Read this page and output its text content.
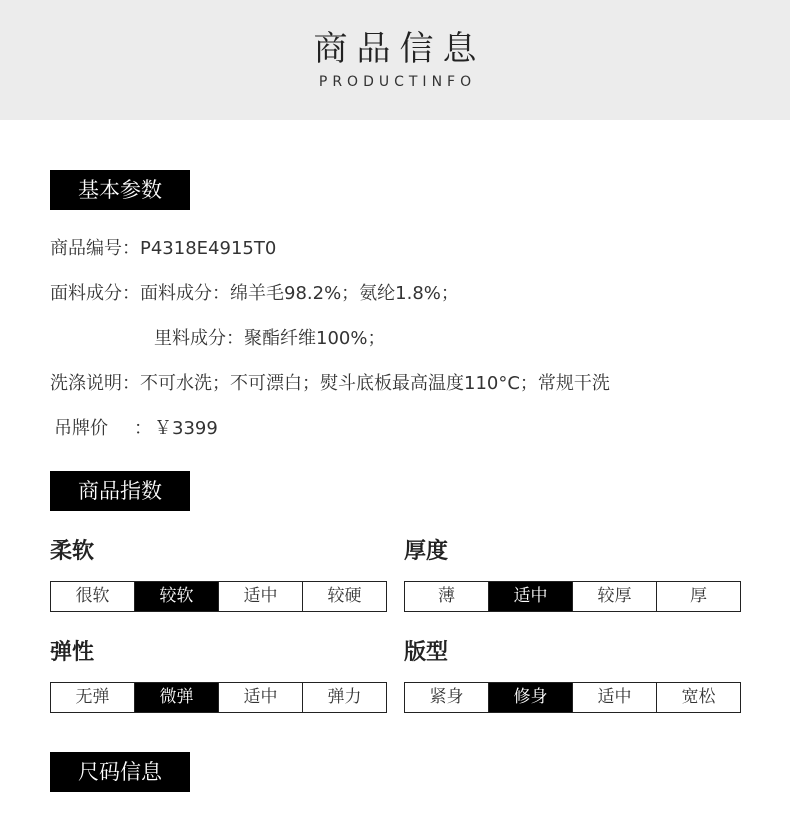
商品信息
PRODUCTINFO
基本参数
商品编号：P4318E4915T0
面料成分：面料成分：绵羊毛98.2%；氨纶1.8%；
里料成分：聚酯纤维100%；
洗涤说明：不可水洗；不可漂白；熨斗底板最高温度110°C；常规干洗
吊牌价 ： ￥3399
商品指数
柔软
很软	较软	适中	较硬
厚度
薄	适中	较厚	厚
弹性
无弹	微弹	适中	弹力
版型
紧身	修身	适中	宽松
尺码信息
